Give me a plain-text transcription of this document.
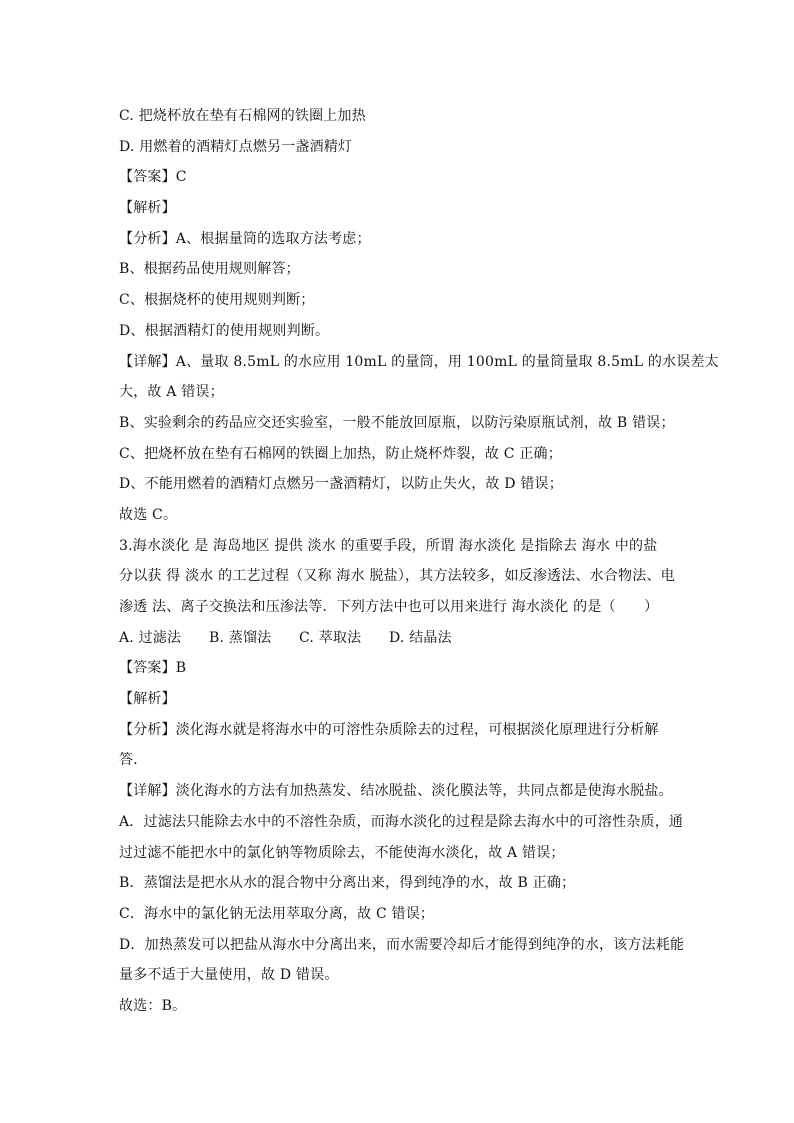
C. 把烧杯放在垫有石棉网的铁圈上加热
D. 用燃着的酒精灯点燃另一盏酒精灯
【答案】C
【解析】
【分析】A、根据量筒的选取方法考虑；
B、根据药品使用规则解答；
C、根据烧杯的使用规则判断；
D、根据酒精灯的使用规则判断。
【详解】A、量取 8.5mL 的水应用 10mL 的量筒，用 100mL 的量筒量取 8.5mL 的水误差太
大，故 A 错误；
B、实验剩余的药品应交还实验室，一般不能放回原瓶，以防污染原瓶试剂，故 B 错误；
C、把烧杯放在垫有石棉网的铁圈上加热，防止烧杯炸裂，故 C 正确；
D、不能用燃着的酒精灯点燃另一盏酒精灯，以防止失火，故 D 错误；
故选 C。
3.海水淡化 是 海岛地区 提供 淡水 的重要手段，所谓 海水淡化 是指除去 海水 中的盐
分以获 得 淡水 的工艺过程（又称 海水 脱盐），其方法较多，如反渗透法、水合物法、电
渗透 法、离子交换法和压渗法等．下列方法中也可以用来进行 海水淡化 的是（　　）
A. 过滤法 B. 蒸馏法 C. 萃取法 D. 结晶法
【答案】B
【解析】
【分析】淡化海水就是将海水中的可溶性杂质除去的过程，可根据淡化原理进行分析解
答．
【详解】淡化海水的方法有加热蒸发、结冰脱盐、淡化膜法等，共同点都是使海水脱盐。
A．过滤法只能除去水中的不溶性杂质，而海水淡化的过程是除去海水中的可溶性杂质，通
过过滤不能把水中的氯化钠等物质除去，不能使海水淡化，故 A 错误；
B．蒸馏法是把水从水的混合物中分离出来，得到纯净的水，故 B 正确；
C．海水中的氯化钠无法用萃取分离，故 C 错误；
D．加热蒸发可以把盐从海水中分离出来，而水需要冷却后才能得到纯净的水，该方法耗能
量多不适于大量使用，故 D 错误。
故选：B。
